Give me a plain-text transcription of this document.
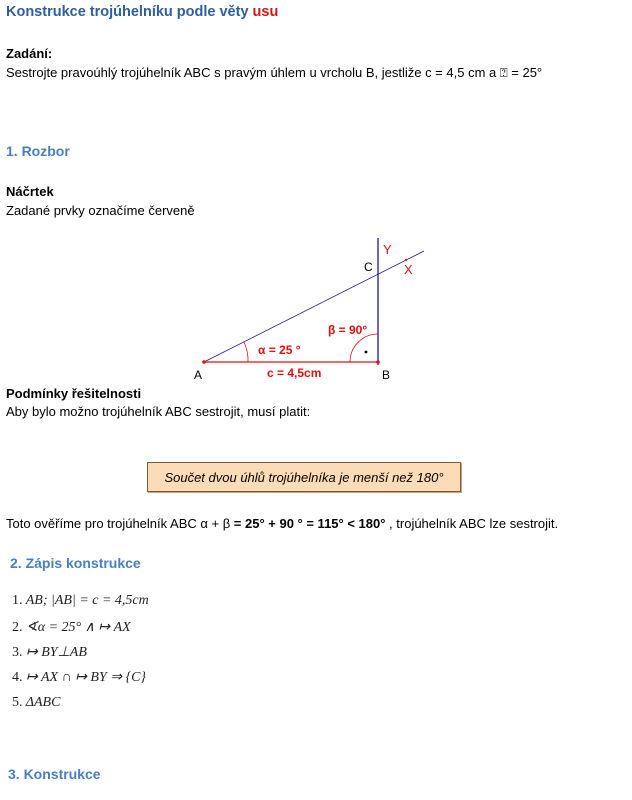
Konstrukce trojúhelníku podle věty usu
Zadání:
Sestrojte pravoúhlý trojúhelník ABC s pravým úhlem u vrcholu B, jestliže c = 4,5 cm a ⍰ = 25°
1. Rozbor
Náčrtek
Zadané prvky označíme červeně
A	B
C X
Y
α = 25 °
β = 90°
c = 4,5cm
Podmínky řešitelnosti
Aby bylo možno trojúhelník ABC sestrojit, musí platit:
Součet dvou úhlů trojúhelníka je menší než 180°
Toto ověříme pro trojúhelník ABC α + β = 25° + 90 ° = 115° < 180° , trojúhelník ABC lze sestrojit.
2. Zápis konstrukce
1. AB; |AB| = c = 4,5cm
2. ∢α = 25° ∧ ↦ AX
3. ↦ BY⊥AB
4. ↦ AX ∩ ↦ BY ⇒ {C}
5. ΔABC
3. Konstrukce
